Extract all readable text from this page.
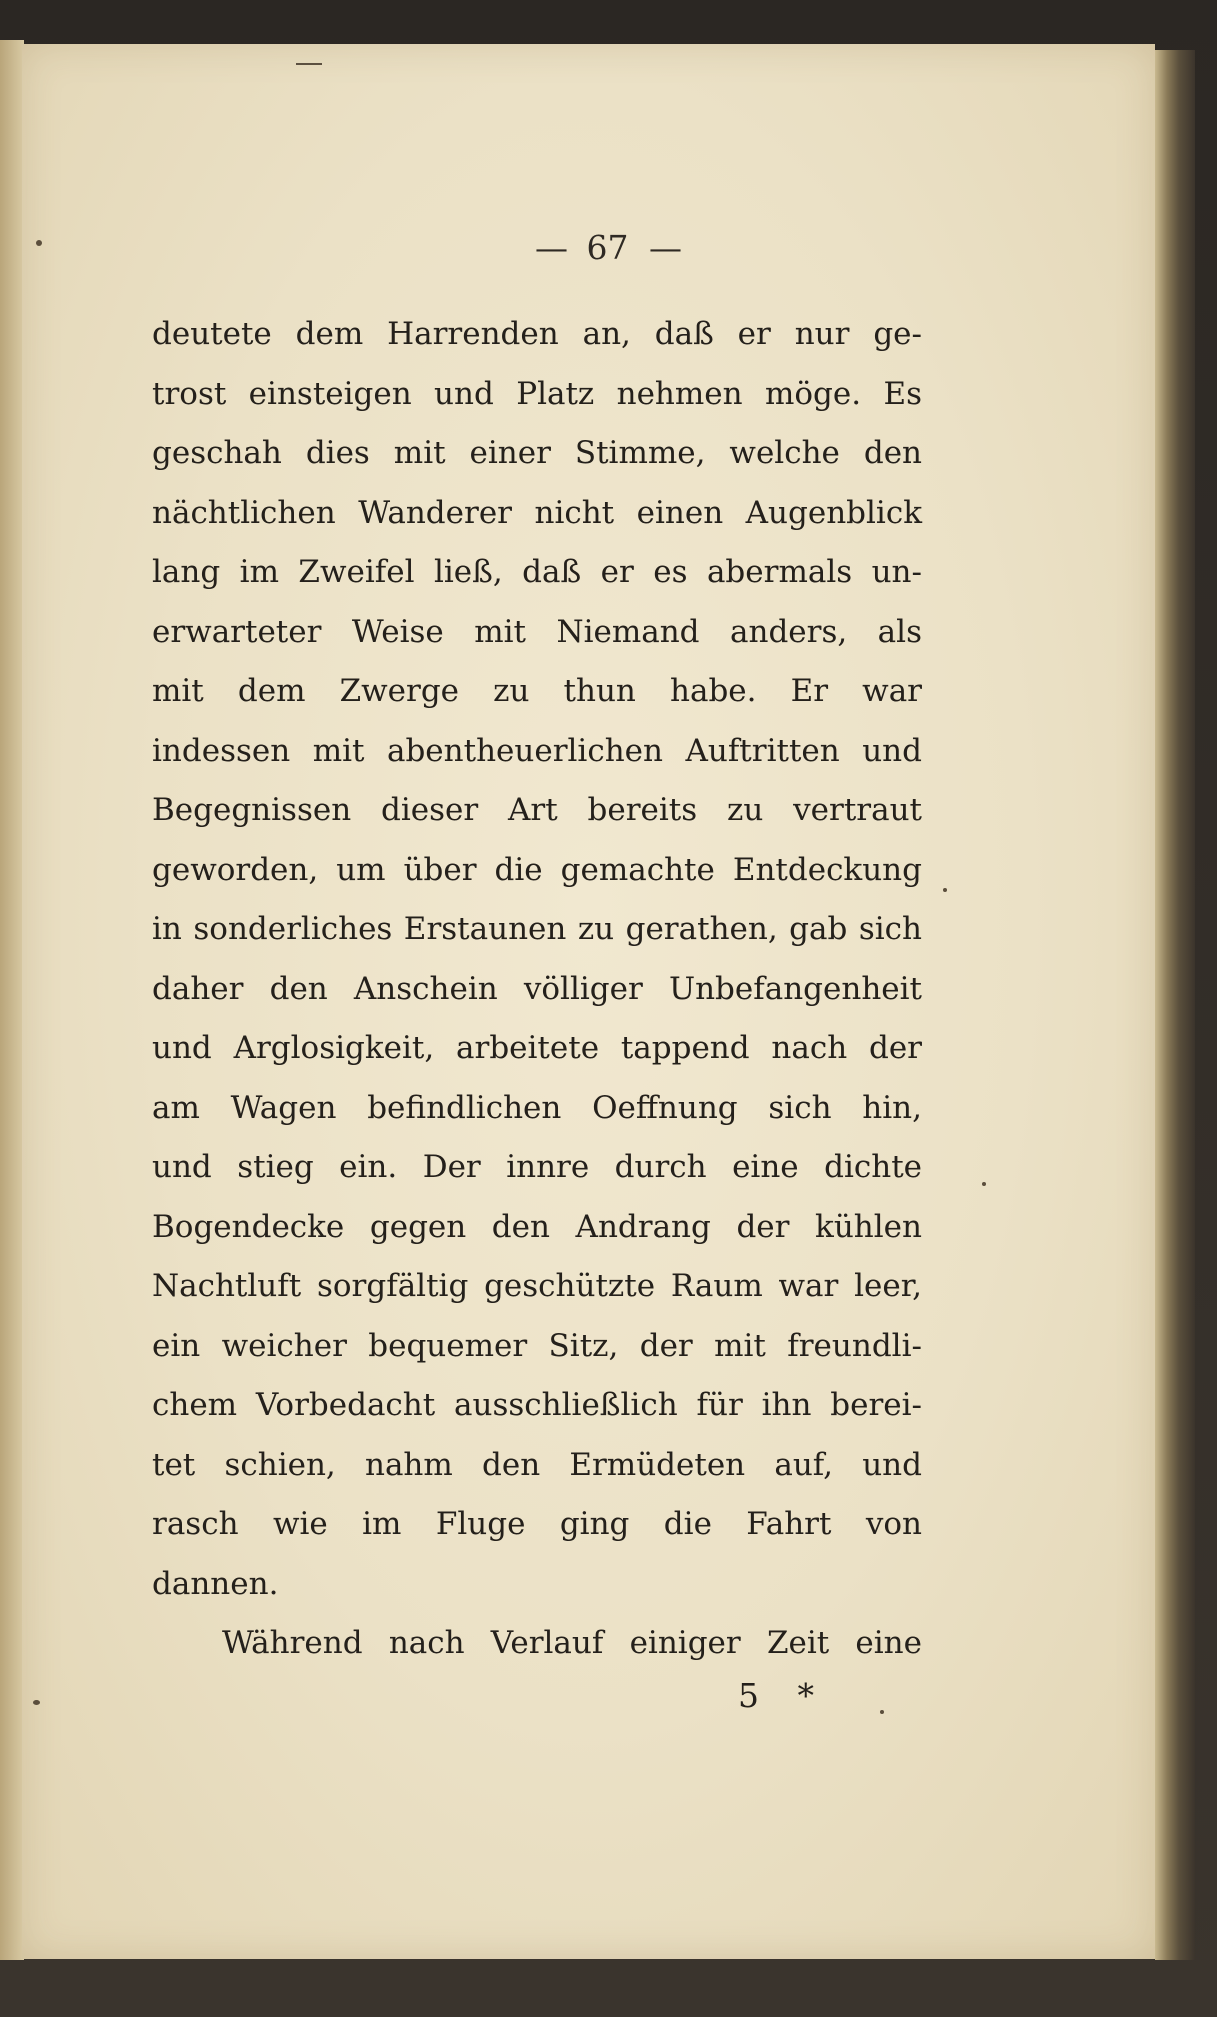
— 67 —
deutete dem Harrenden an, daß er nur ge-
trost einsteigen und Platz nehmen möge. Es
geschah dies mit einer Stimme, welche den
nächtlichen Wanderer nicht einen Augenblick
lang im Zweifel ließ, daß er es abermals un-
erwarteter Weise mit Niemand anders, als
mit dem Zwerge zu thun habe. Er war
indessen mit abentheuerlichen Auftritten und
Begegnissen dieser Art bereits zu vertraut
geworden, um über die gemachte Entdeckung
in sonderliches Erstaunen zu gerathen, gab sich
daher den Anschein völliger Unbefangenheit
und Arglosigkeit, arbeitete tappend nach der
am Wagen befindlichen Oeffnung sich hin,
und stieg ein. Der innre durch eine dichte
Bogendecke gegen den Andrang der kühlen
Nachtluft sorgfältig geschützte Raum war leer,
ein weicher bequemer Sitz, der mit freundli-
chem Vorbedacht ausschließlich für ihn berei-
tet schien, nahm den Ermüdeten auf, und
rasch wie im Fluge ging die Fahrt von
dannen.
Während nach Verlauf einiger Zeit eine
5 *
